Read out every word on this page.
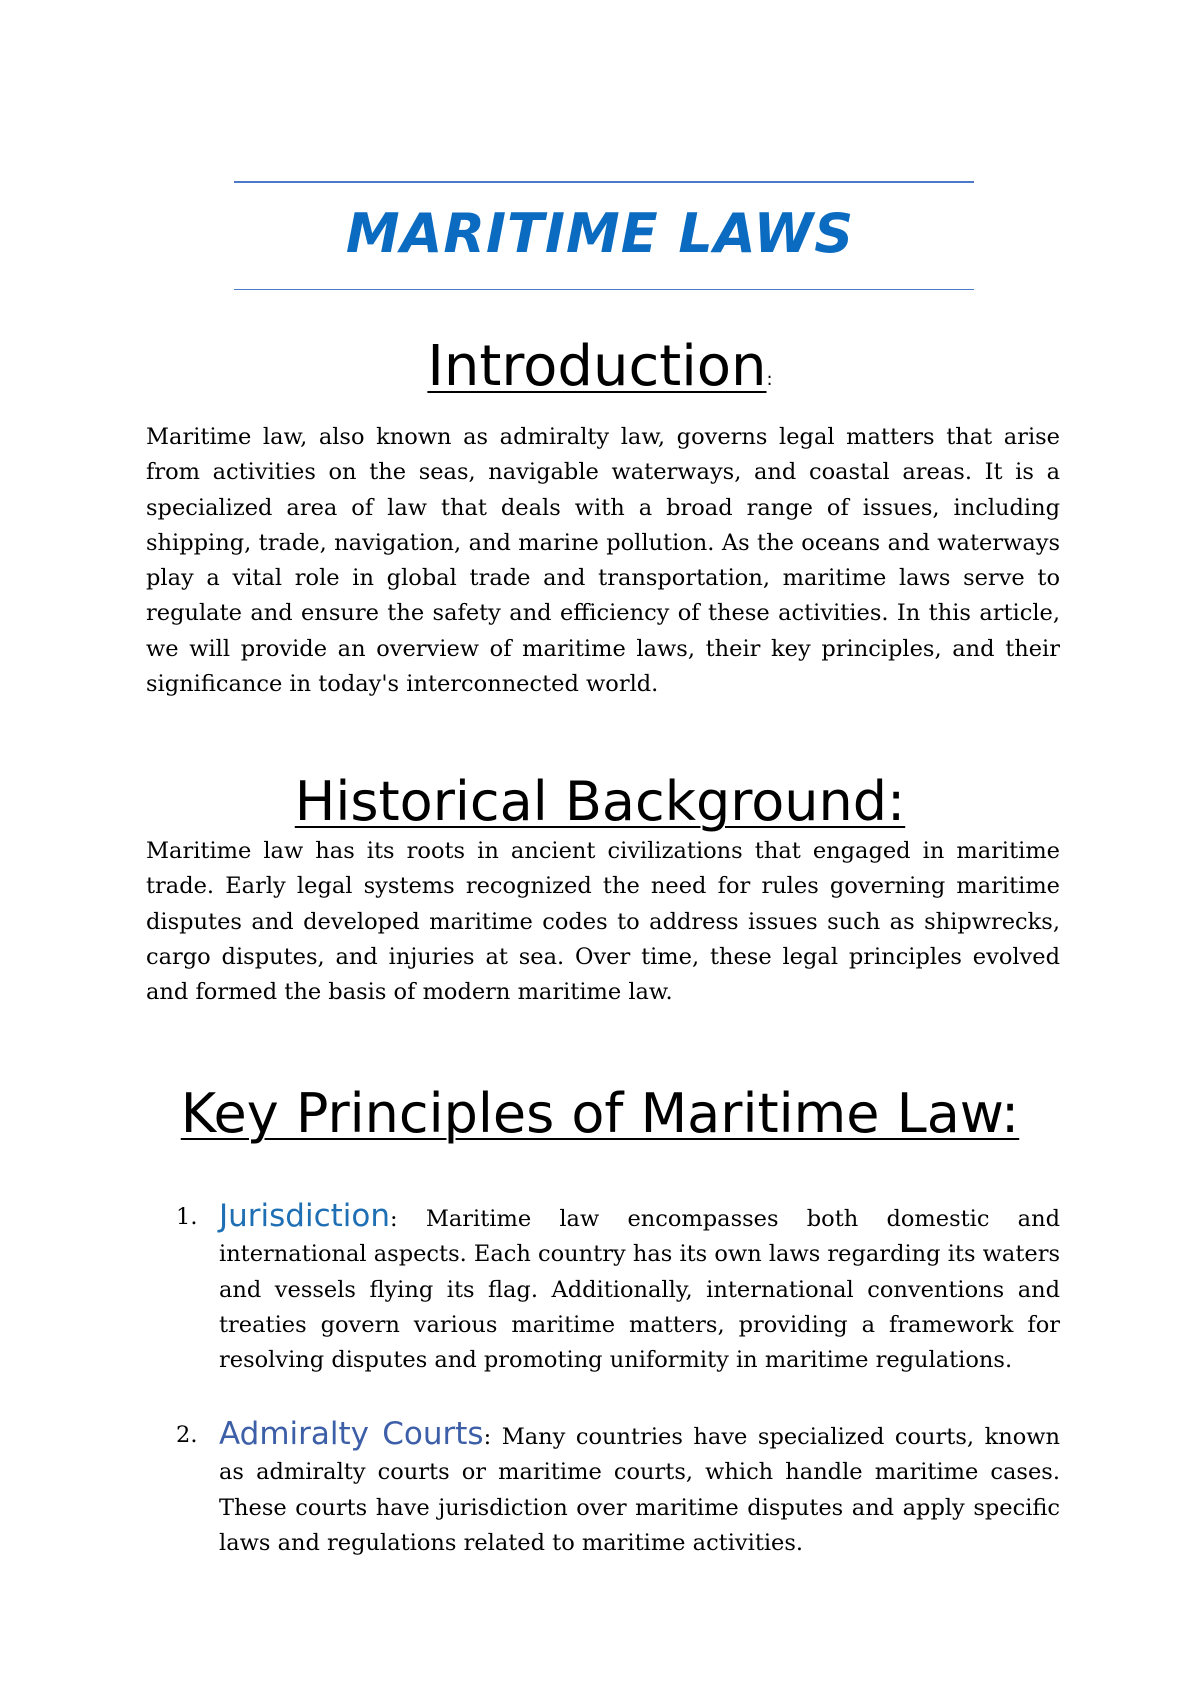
MARITIME LAWS
Introduction:

Maritime law, also known as admiralty law, governs legal matters that arise from activities on the seas, navigable waterways, and coastal areas. It is a specialized area of law that deals with a broad range of issues, including shipping, trade, navigation, and marine pollution. As the oceans and waterways play a vital role in global trade and transportation, maritime laws serve to regulate and ensure the safety and efficiency of these activities. In this article, we will provide an overview of maritime laws, their key principles, and their significance in today's interconnected world.

Historical Background:

Maritime law has its roots in ancient civilizations that engaged in maritime trade. Early legal systems recognized the need for rules governing maritime disputes and developed maritime codes to address issues such as shipwrecks, cargo disputes, and injuries at sea. Over time, these legal principles evolved and formed the basis of modern maritime law.

Key Principles of Maritime Law:
1. Jurisdiction: Maritime law encompasses both domestic and international aspects. Each country has its own laws regarding its waters and vessels flying its flag. Additionally, international conventions and treaties govern various maritime matters, providing a framework for resolving disputes and promoting uniformity in maritime regulations.
2. Admiralty Courts: Many countries have specialized courts, known as admiralty courts or maritime courts, which handle maritime cases. These courts have jurisdiction over maritime disputes and apply specific laws and regulations related to maritime activities.
